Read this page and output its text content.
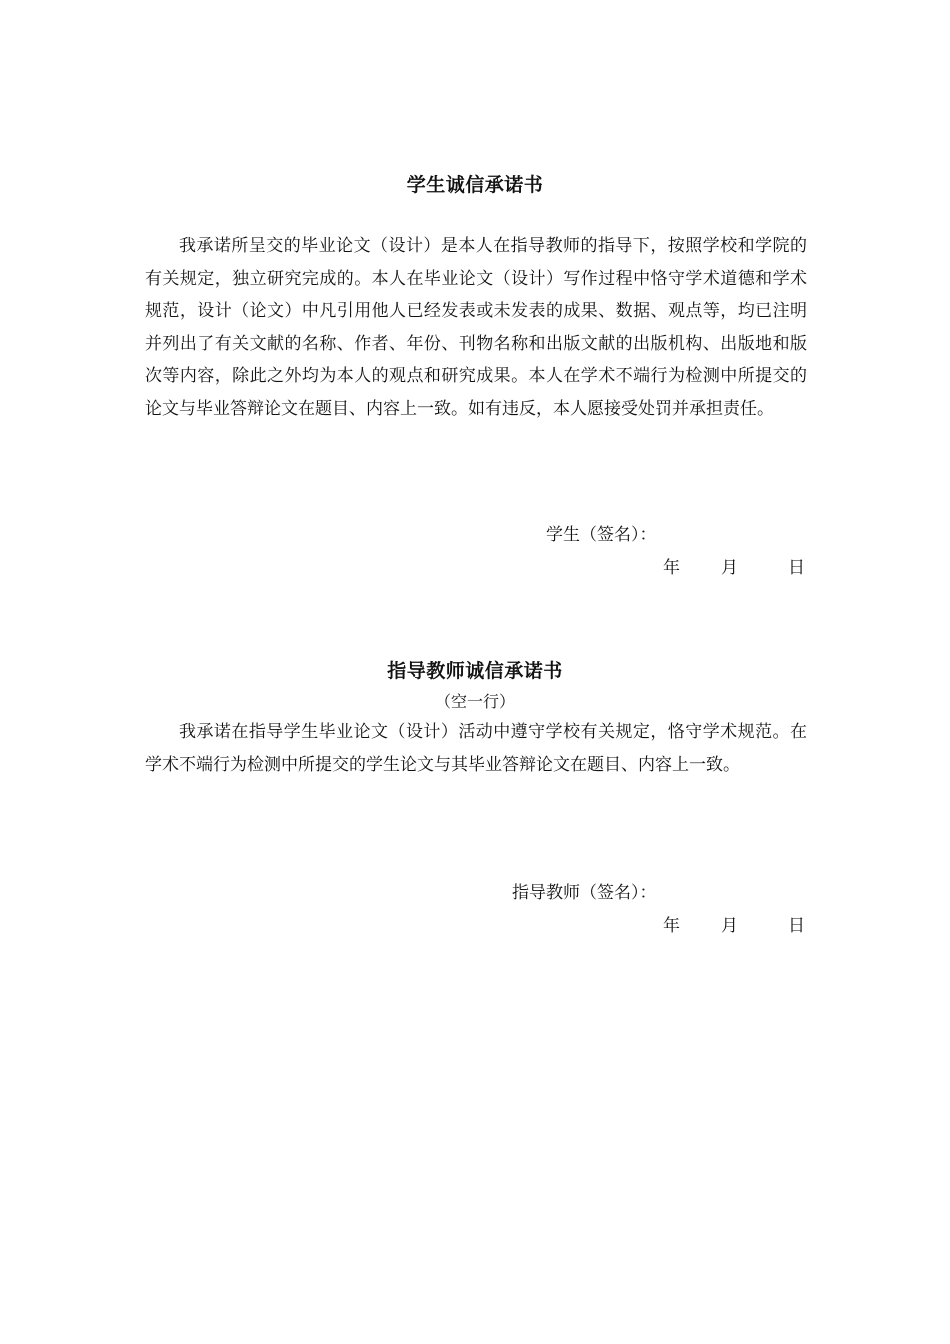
学生诚信承诺书

我承诺所呈交的毕业论文（设计）是本人在指导教师的指导下，按照学校和学院的有关规定，独立研究完成的。本人在毕业论文（设计）写作过程中恪守学术道德和学术规范，设计（论文）中凡引用他人已经发表或未发表的成果、数据、观点等，均已注明并列出了有关文献的名称、作者、年份、刊物名称和出版文献的出版机构、出版地和版次等内容，除此之外均为本人的观点和研究成果。本人在学术不端行为检测中所提交的论文与毕业答辩论文在题目、内容上一致。如有违反，本人愿接受处罚并承担责任。

学生（签名）：
年 月	日
指导教师诚信承诺书
（空一行）

我承诺在指导学生毕业论文（设计）活动中遵守学校有关规定，恪守学术规范。在学术不端行为检测中所提交的学生论文与其毕业答辩论文在题目、内容上一致。

指导教师（签名）：
年 月	日
